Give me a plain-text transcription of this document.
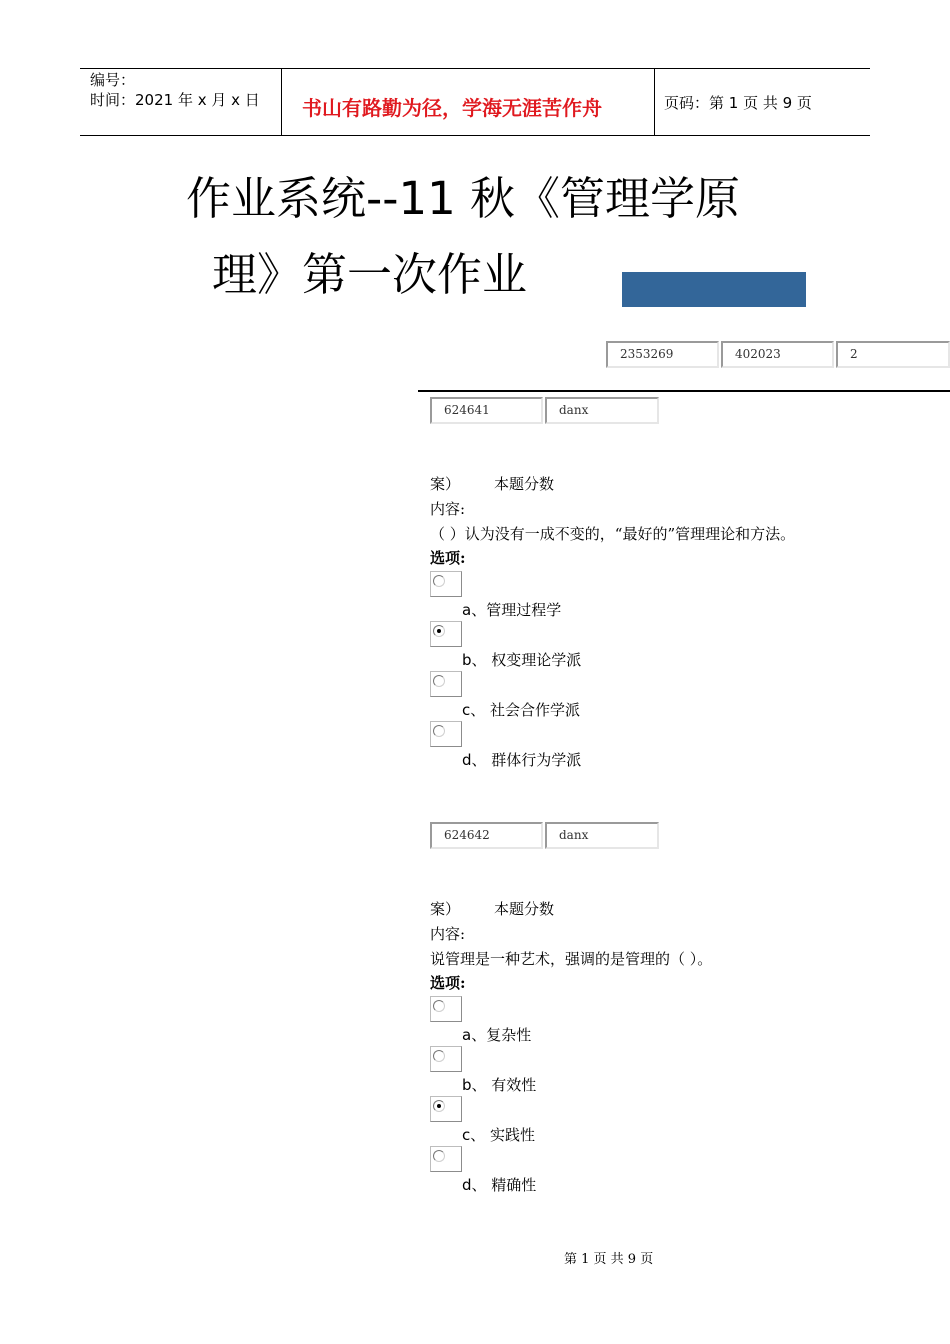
编号：
时间：2021 年 x 月 x 日 书山有路勤为径，学海无涯苦作舟	页码：第 1 页 共 9 页
作业系统--11 秋《管理学原
理》第一次作业
2353269	402023	2
624641	danx
案） 本题分数
内容:
（ ）认为没有一成不变的，“最好的”管理理论和方法。
选项:
a、管理过程学
b、 权变理论学派
c、 社会合作学派
d、 群体行为学派
624642	danx
案） 本题分数
内容:
说管理是一种艺术，强调的是管理的（ ）。
选项:
a、复杂性
b、 有效性
c、 实践性
d、 精确性
第 1 页 共 9 页
